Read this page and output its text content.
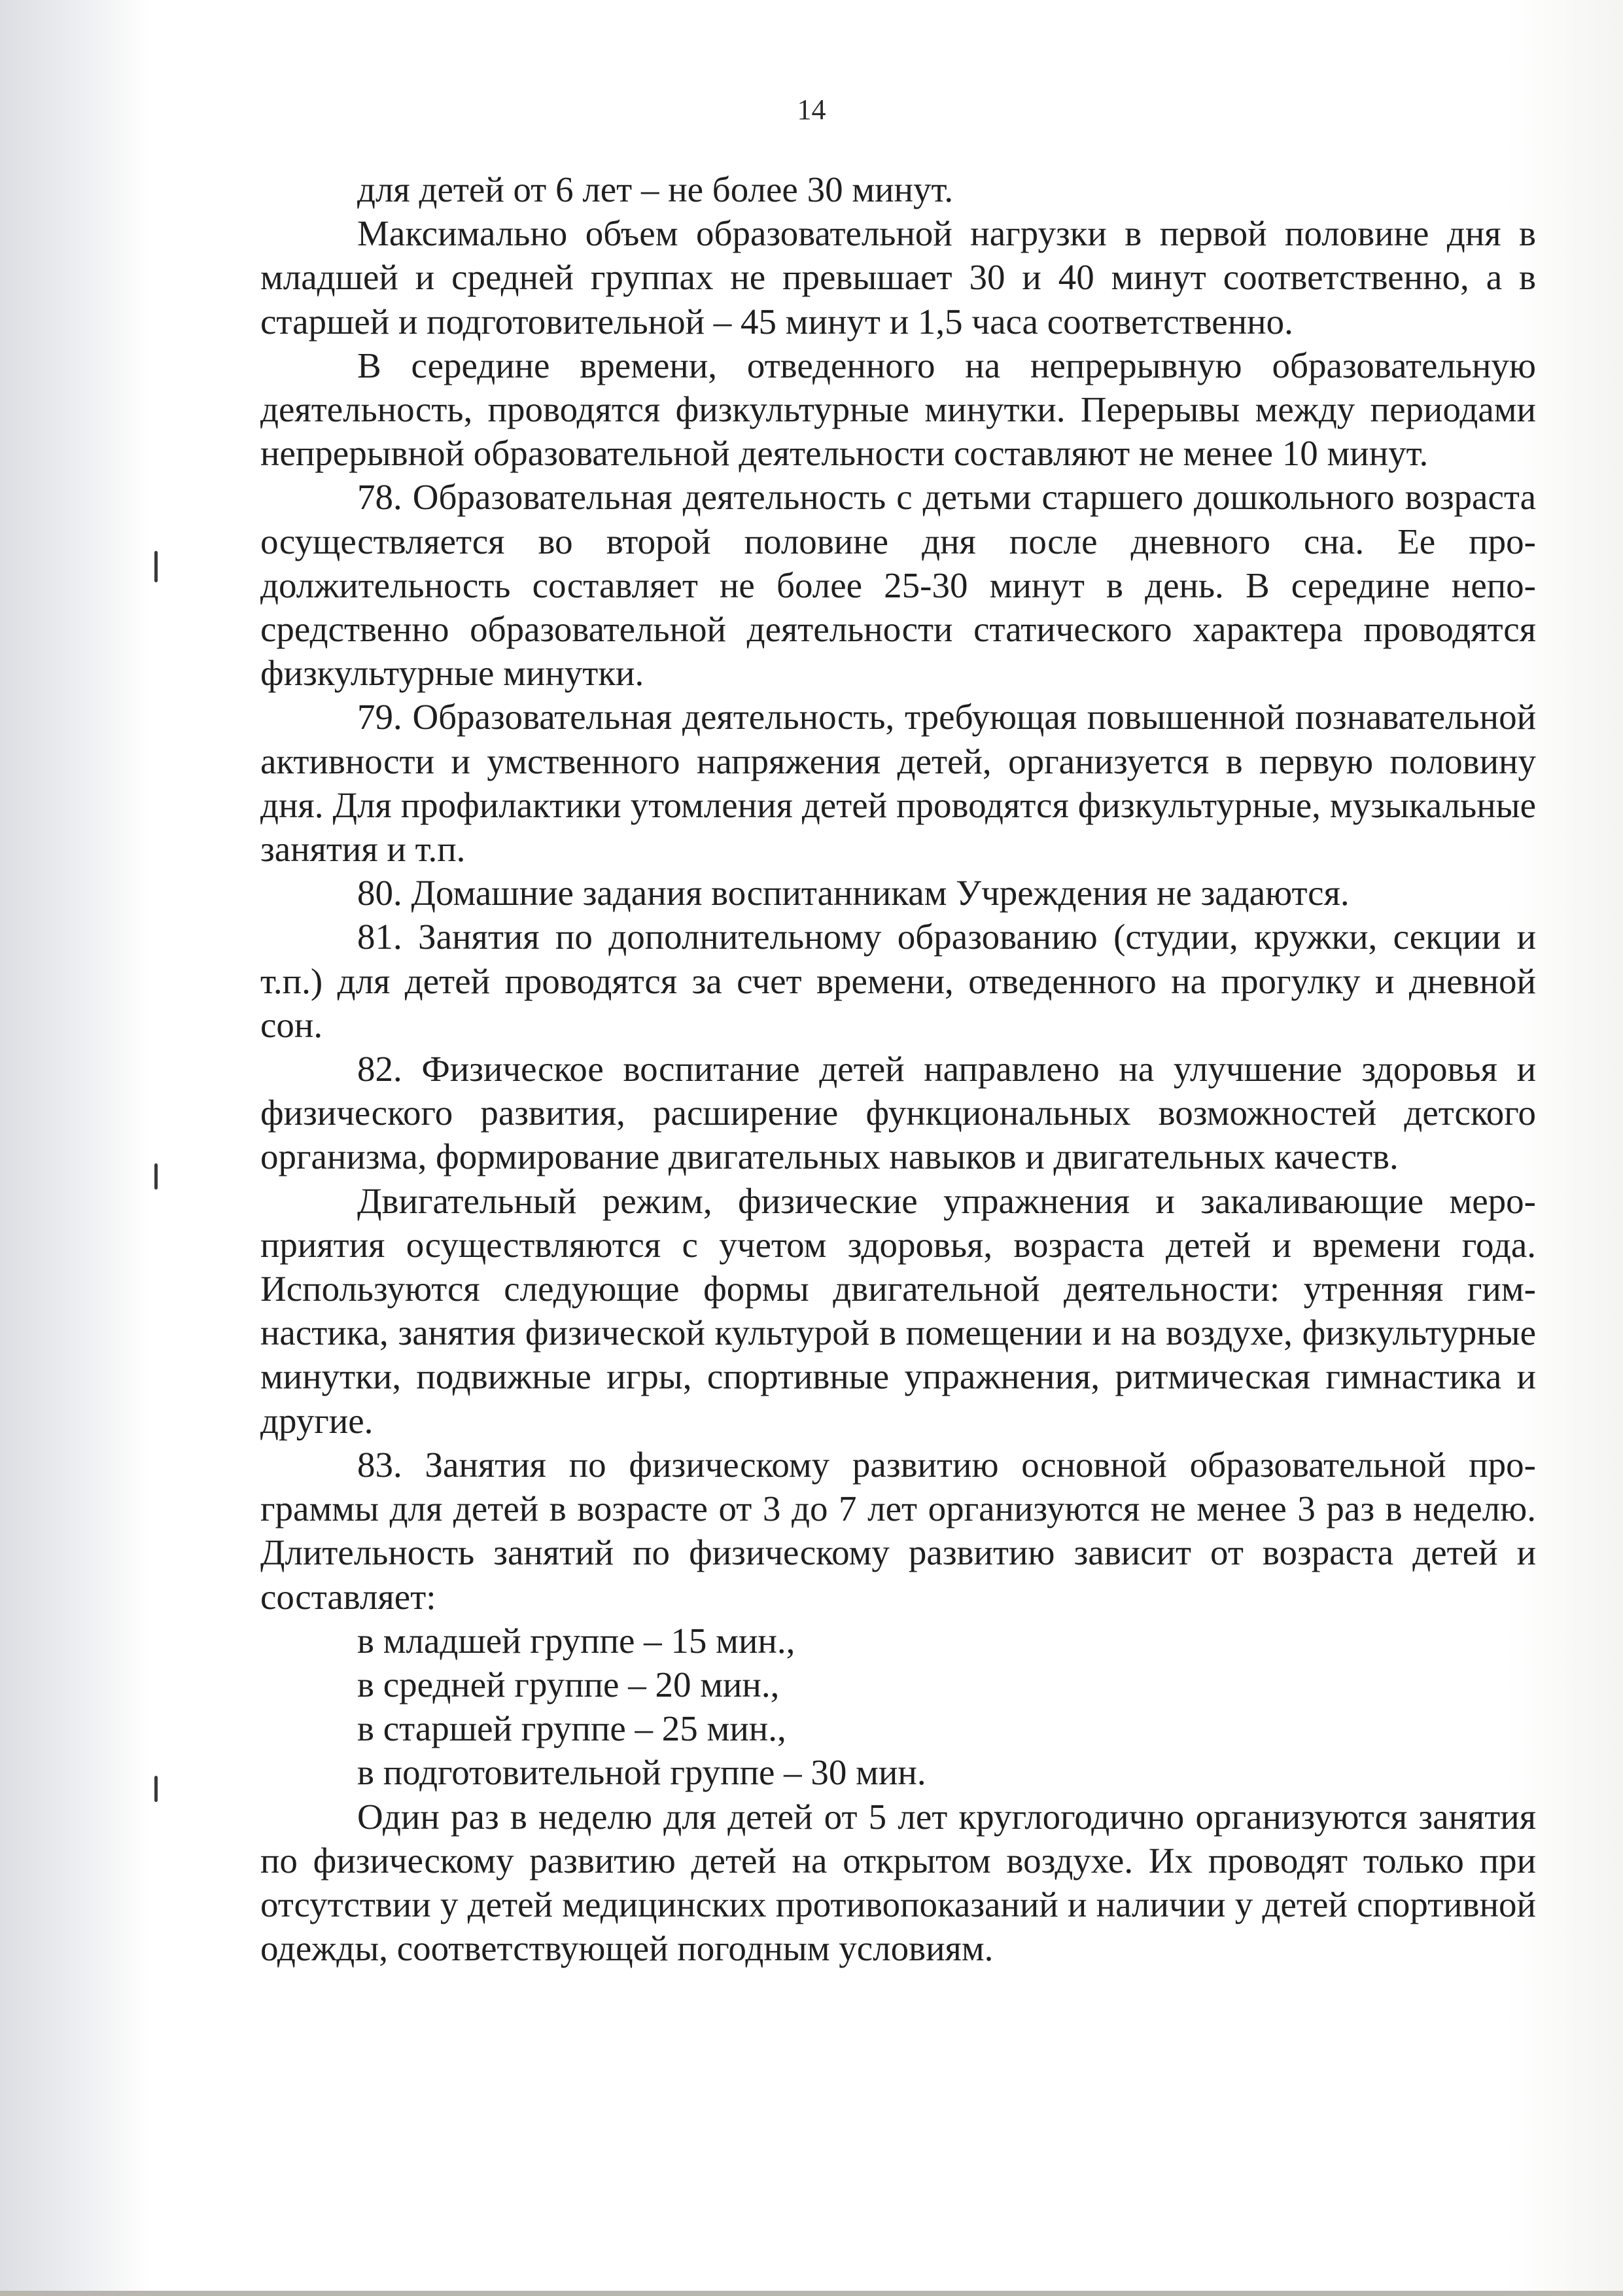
14

для детей от 6 лет – не более 30 минут.

Максимально объем образовательной нагрузки в первой половине дня в младшей и средней группах не превышает 30 и 40 минут соответственно, а в старшей и подготовительной – 45 минут и 1,5 часа соответственно.

В середине времени, отведенного на непрерывную образовательную деятельность, проводятся физкультурные минутки. Перерывы между периодами непрерывной образовательной деятельности составляют не менее 10 минут.

78. Образовательная деятельность с детьми старшего дошкольного возраста осуществляется во второй половине дня после дневного сна. Ее продолжительность составляет не более 25-30 минут в день. В середине непосредственно образовательной деятельности статического характера проводятся физкультурные минутки.

79. Образовательная деятельность, требующая повышенной познавательной активности и умственного напряжения детей, организуется в первую половину дня. Для профилактики утомления детей проводятся физкультурные, музыкальные занятия и т.п.

80. Домашние задания воспитанникам Учреждения не задаются.

81. Занятия по дополнительному образованию (студии, кружки, секции и т.п.) для детей проводятся за счет времени, отведенного на прогулку и дневной сон.

82. Физическое воспитание детей направлено на улучшение здоровья и физического развития, расширение функциональных возможностей детского организма, формирование двигательных навыков и двигательных качеств.

Двигательный режим, физические упражнения и закаливающие мероприятия осуществляются с учетом здоровья, возраста детей и времени года. Используются следующие формы двигательной деятельности: утренняя гимнастика, занятия физической культурой в помещении и на воздухе, физкультурные минутки, подвижные игры, спортивные упражнения, ритмическая гимнастика и другие.

83. Занятия по физическому развитию основной образовательной программы для детей в возрасте от 3 до 7 лет организуются не менее 3 раз в неделю. Длительность занятий по физическому развитию зависит от возраста детей и составляет:

в младшей группе – 15 мин.,

в средней группе – 20 мин.,

в старшей группе – 25 мин.,

в подготовительной группе – 30 мин.

Один раз в неделю для детей от 5 лет круглогодично организуются занятия по физическому развитию детей на открытом воздухе. Их проводят только при отсутствии у детей медицинских противопоказаний и наличии у детей спортивной одежды, соответствующей погодным условиям.
